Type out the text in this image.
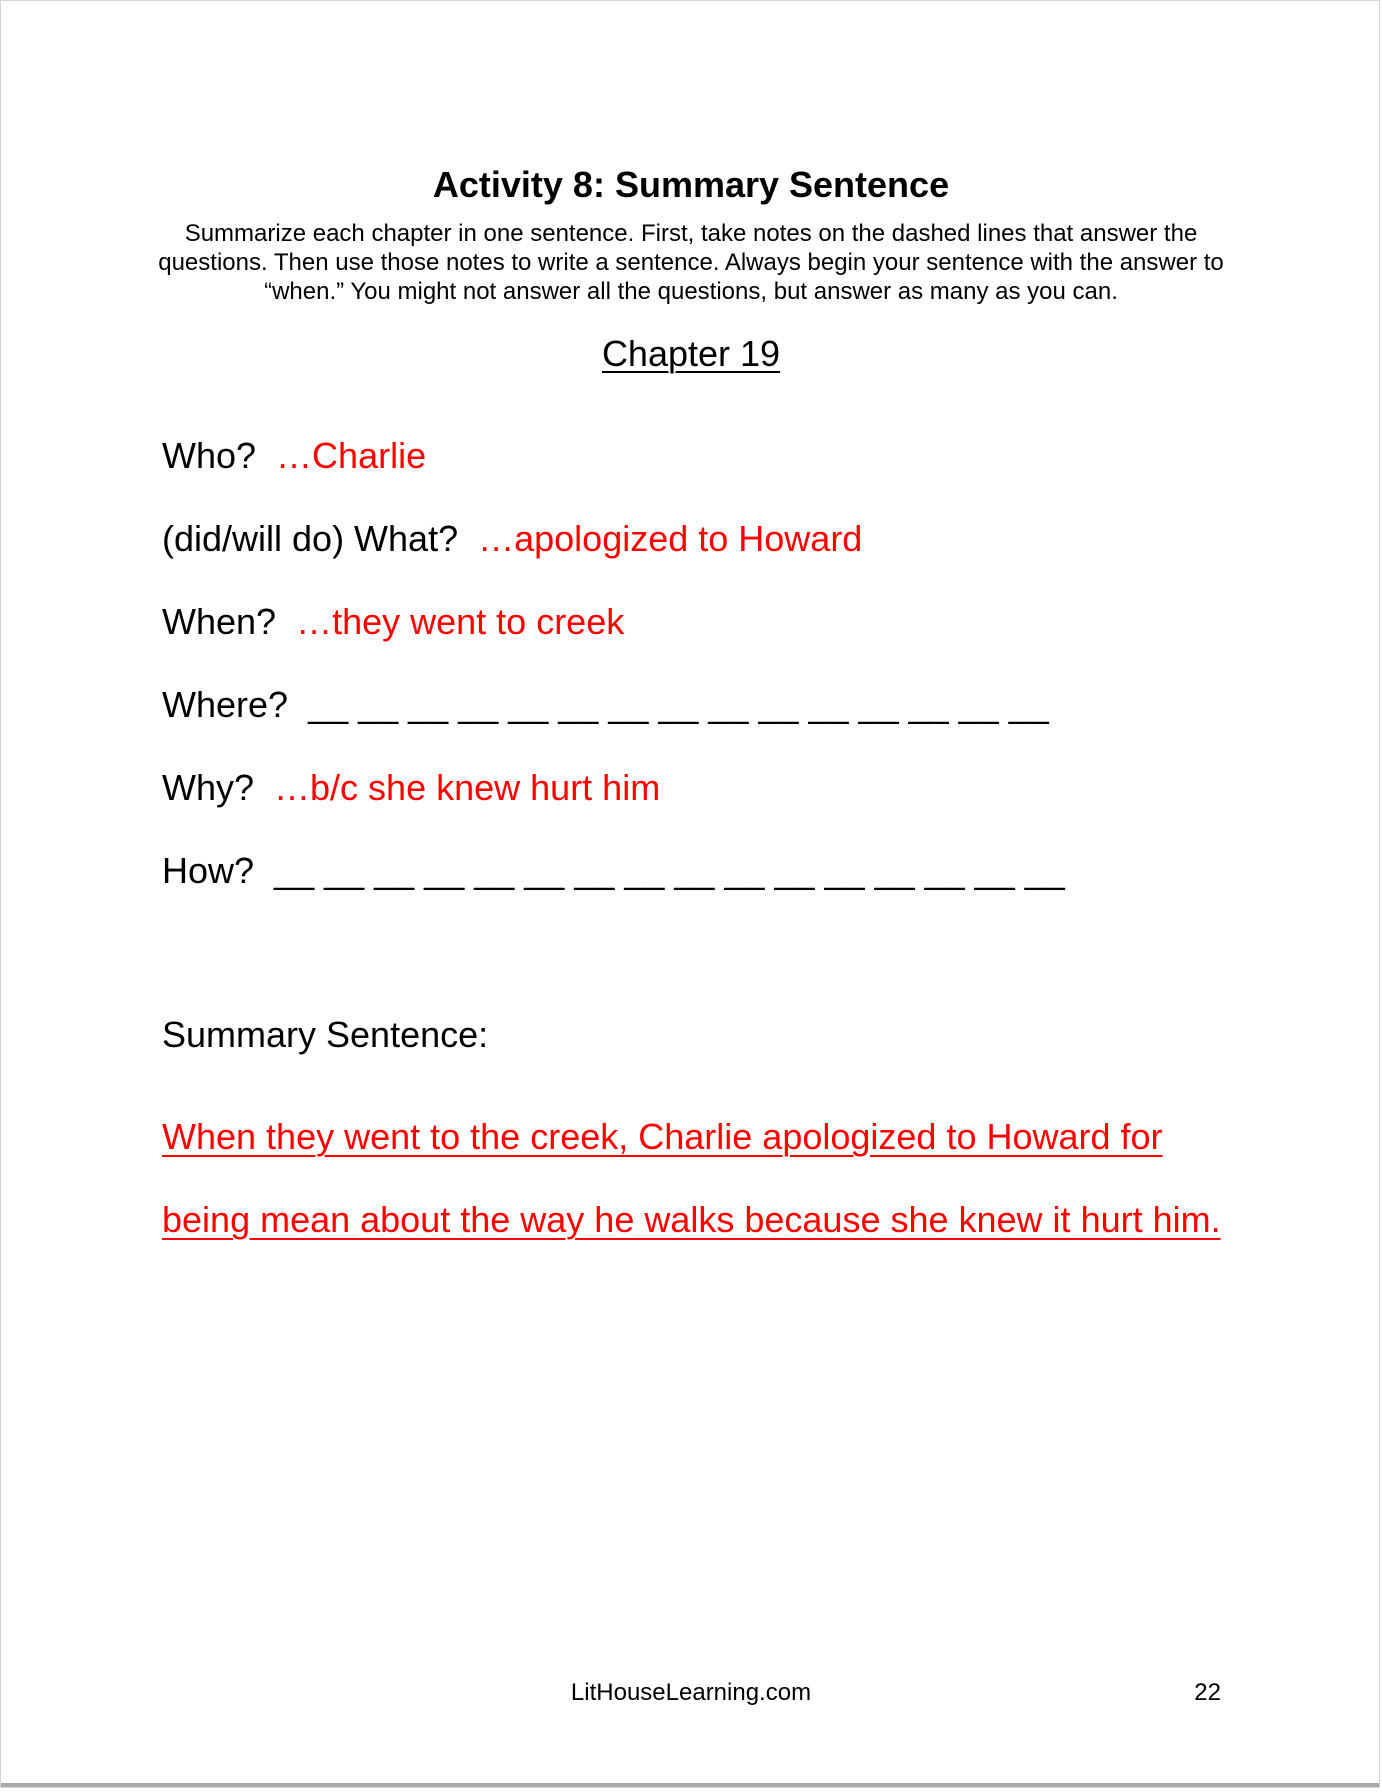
Activity 8: Summary Sentence
Summarize each chapter in one sentence. First, take notes on the dashed lines that answer the questions. Then use those notes to write a sentence. Always begin your sentence with the answer to “when.” You might not answer all the questions, but answer as many as you can.
Chapter 19
Who? …Charlie
(did/will do) What? …apologized to Howard
When? …they went to creek
Where? __ __ __ __ __ __ __ __ __ __ __ __ __ __ __
Why? …b/c she knew hurt him
How? __ __ __ __ __ __ __ __ __ __ __ __ __ __ __ __
Summary Sentence:
When they went to the creek, Charlie apologized to Howard for being mean about the way he walks because she knew it hurt him.
LitHouseLearning.com	22
